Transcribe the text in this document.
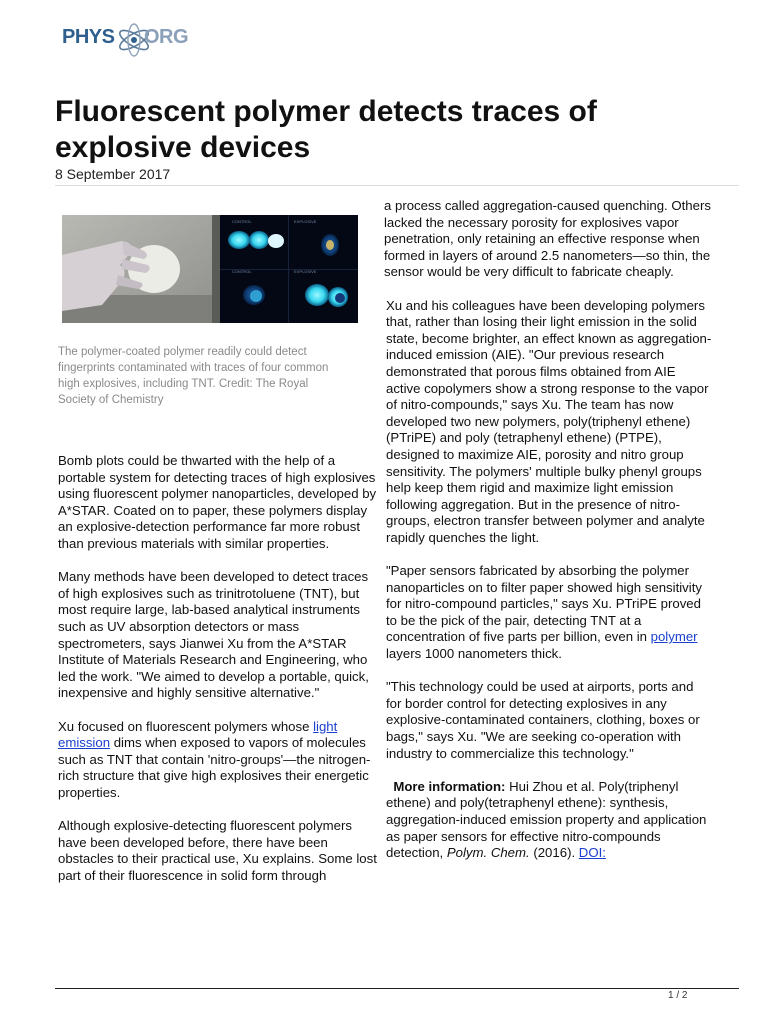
PHYS ORG
Fluorescent polymer detects traces of explosive devices
8 September 2017
CONTROL	EXPLOSIVE
CONTROL	EXPLOSIVE
The polymer-coated polymer readily could detect fingerprints contaminated with traces of four common high explosives, including TNT. Credit: The Royal Society of Chemistry

Bomb plots could be thwarted with the help of a portable system for detecting traces of high explosives using fluorescent polymer nanoparticles, developed by A*STAR. Coated on to paper, these polymers display an explosive-detection performance far more robust than previous materials with similar properties.

Many methods have been developed to detect traces of high explosives such as trinitrotoluene (TNT), but most require large, lab-based analytical instruments such as UV absorption detectors or mass spectrometers, says Jianwei Xu from the A*STAR Institute of Materials Research and Engineering, who led the work. "We aimed to develop a portable, quick, inexpensive and highly sensitive alternative."

Xu focused on fluorescent polymers whose light emission dims when exposed to vapors of molecules such as TNT that contain 'nitro-groups'—the nitrogen-rich structure that give high explosives their energetic properties.

Although explosive-detecting fluorescent polymers have been developed before, there have been obstacles to their practical use, Xu explains. Some lost part of their fluorescence in solid form through

a process called aggregation-caused quenching. Others lacked the necessary porosity for explosives vapor penetration, only retaining an effective response when formed in layers of around 2.5 nanometers—so thin, the sensor would be very difficult to fabricate cheaply.

Xu and his colleagues have been developing polymers that, rather than losing their light emission in the solid state, become brighter, an effect known as aggregation-induced emission (AIE). "Our previous research demonstrated that porous films obtained from AIE active copolymers show a strong response to the vapor of nitro-compounds," says Xu. The team has now developed two new polymers, poly(triphenyl ethene) (PTriPE) and poly (tetraphenyl ethene) (PTPE), designed to maximize AIE, porosity and nitro group sensitivity. The polymers' multiple bulky phenyl groups help keep them rigid and maximize light emission following aggregation. But in the presence of nitro-groups, electron transfer between polymer and analyte rapidly quenches the light.

"Paper sensors fabricated by absorbing the polymer nanoparticles on to filter paper showed high sensitivity for nitro-compound particles," says Xu. PTriPE proved to be the pick of the pair, detecting TNT at a concentration of five parts per billion, even in polymer layers 1000 nanometers thick.

"This technology could be used at airports, ports and for border control for detecting explosives in any explosive-contaminated containers, clothing, boxes or bags," says Xu. "We are seeking co-operation with industry to commercialize this technology."

More information: Hui Zhou et al. Poly(triphenyl ethene) and poly(tetraphenyl ethene): synthesis, aggregation-induced emission property and application as paper sensors for effective nitro-compounds detection, Polym. Chem. (2016). DOI:

1 / 2
